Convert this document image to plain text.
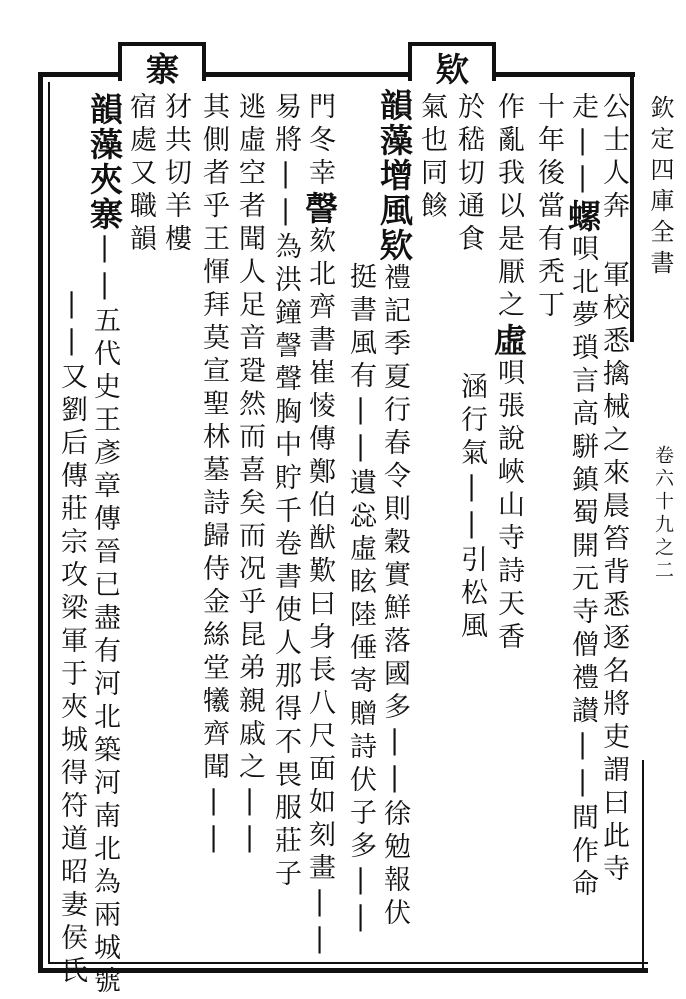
寨	欵
欽定四庫全書
卷六十九之二
公士人奔
走||螺唄北夢瑣言高駢鎮蜀開元寺僧禮讃||間作命 軍校悉擒械之來晨笞背悉逐名將吏謂曰此寺
十年後當有秃丁
作亂我以是厭之虛唄張說峽山寺詩天香
涵行氣||引松風
於嵇切通食
氣也同餩
韻藻增風欵禮記季夏行春令則穀實鮮落國多||徐勉報伏
挺書風有||遺惢虛眩陸倕寄贈詩伏子多||
門冬幸謦欬北齊書崔㥄傳鄭伯猷歎曰身長八尺面如刻畫||
易將||為洪鐘謦聲胸中貯千卷書使人那得不畏服莊子
逃虛空者聞人足音跫然而喜矣而况乎昆弟親戚之||
其側者乎王惲拜莫宣聖林墓詩歸侍金絲堂犧齊聞||
犲共切羊樓
宿處又職韻
韻藻夾寨||五代史王彥章傳晉已盡有河北築河南北為兩城號
||又劉后傳莊宗攻梁軍于夾城得符道昭妻侯氏
